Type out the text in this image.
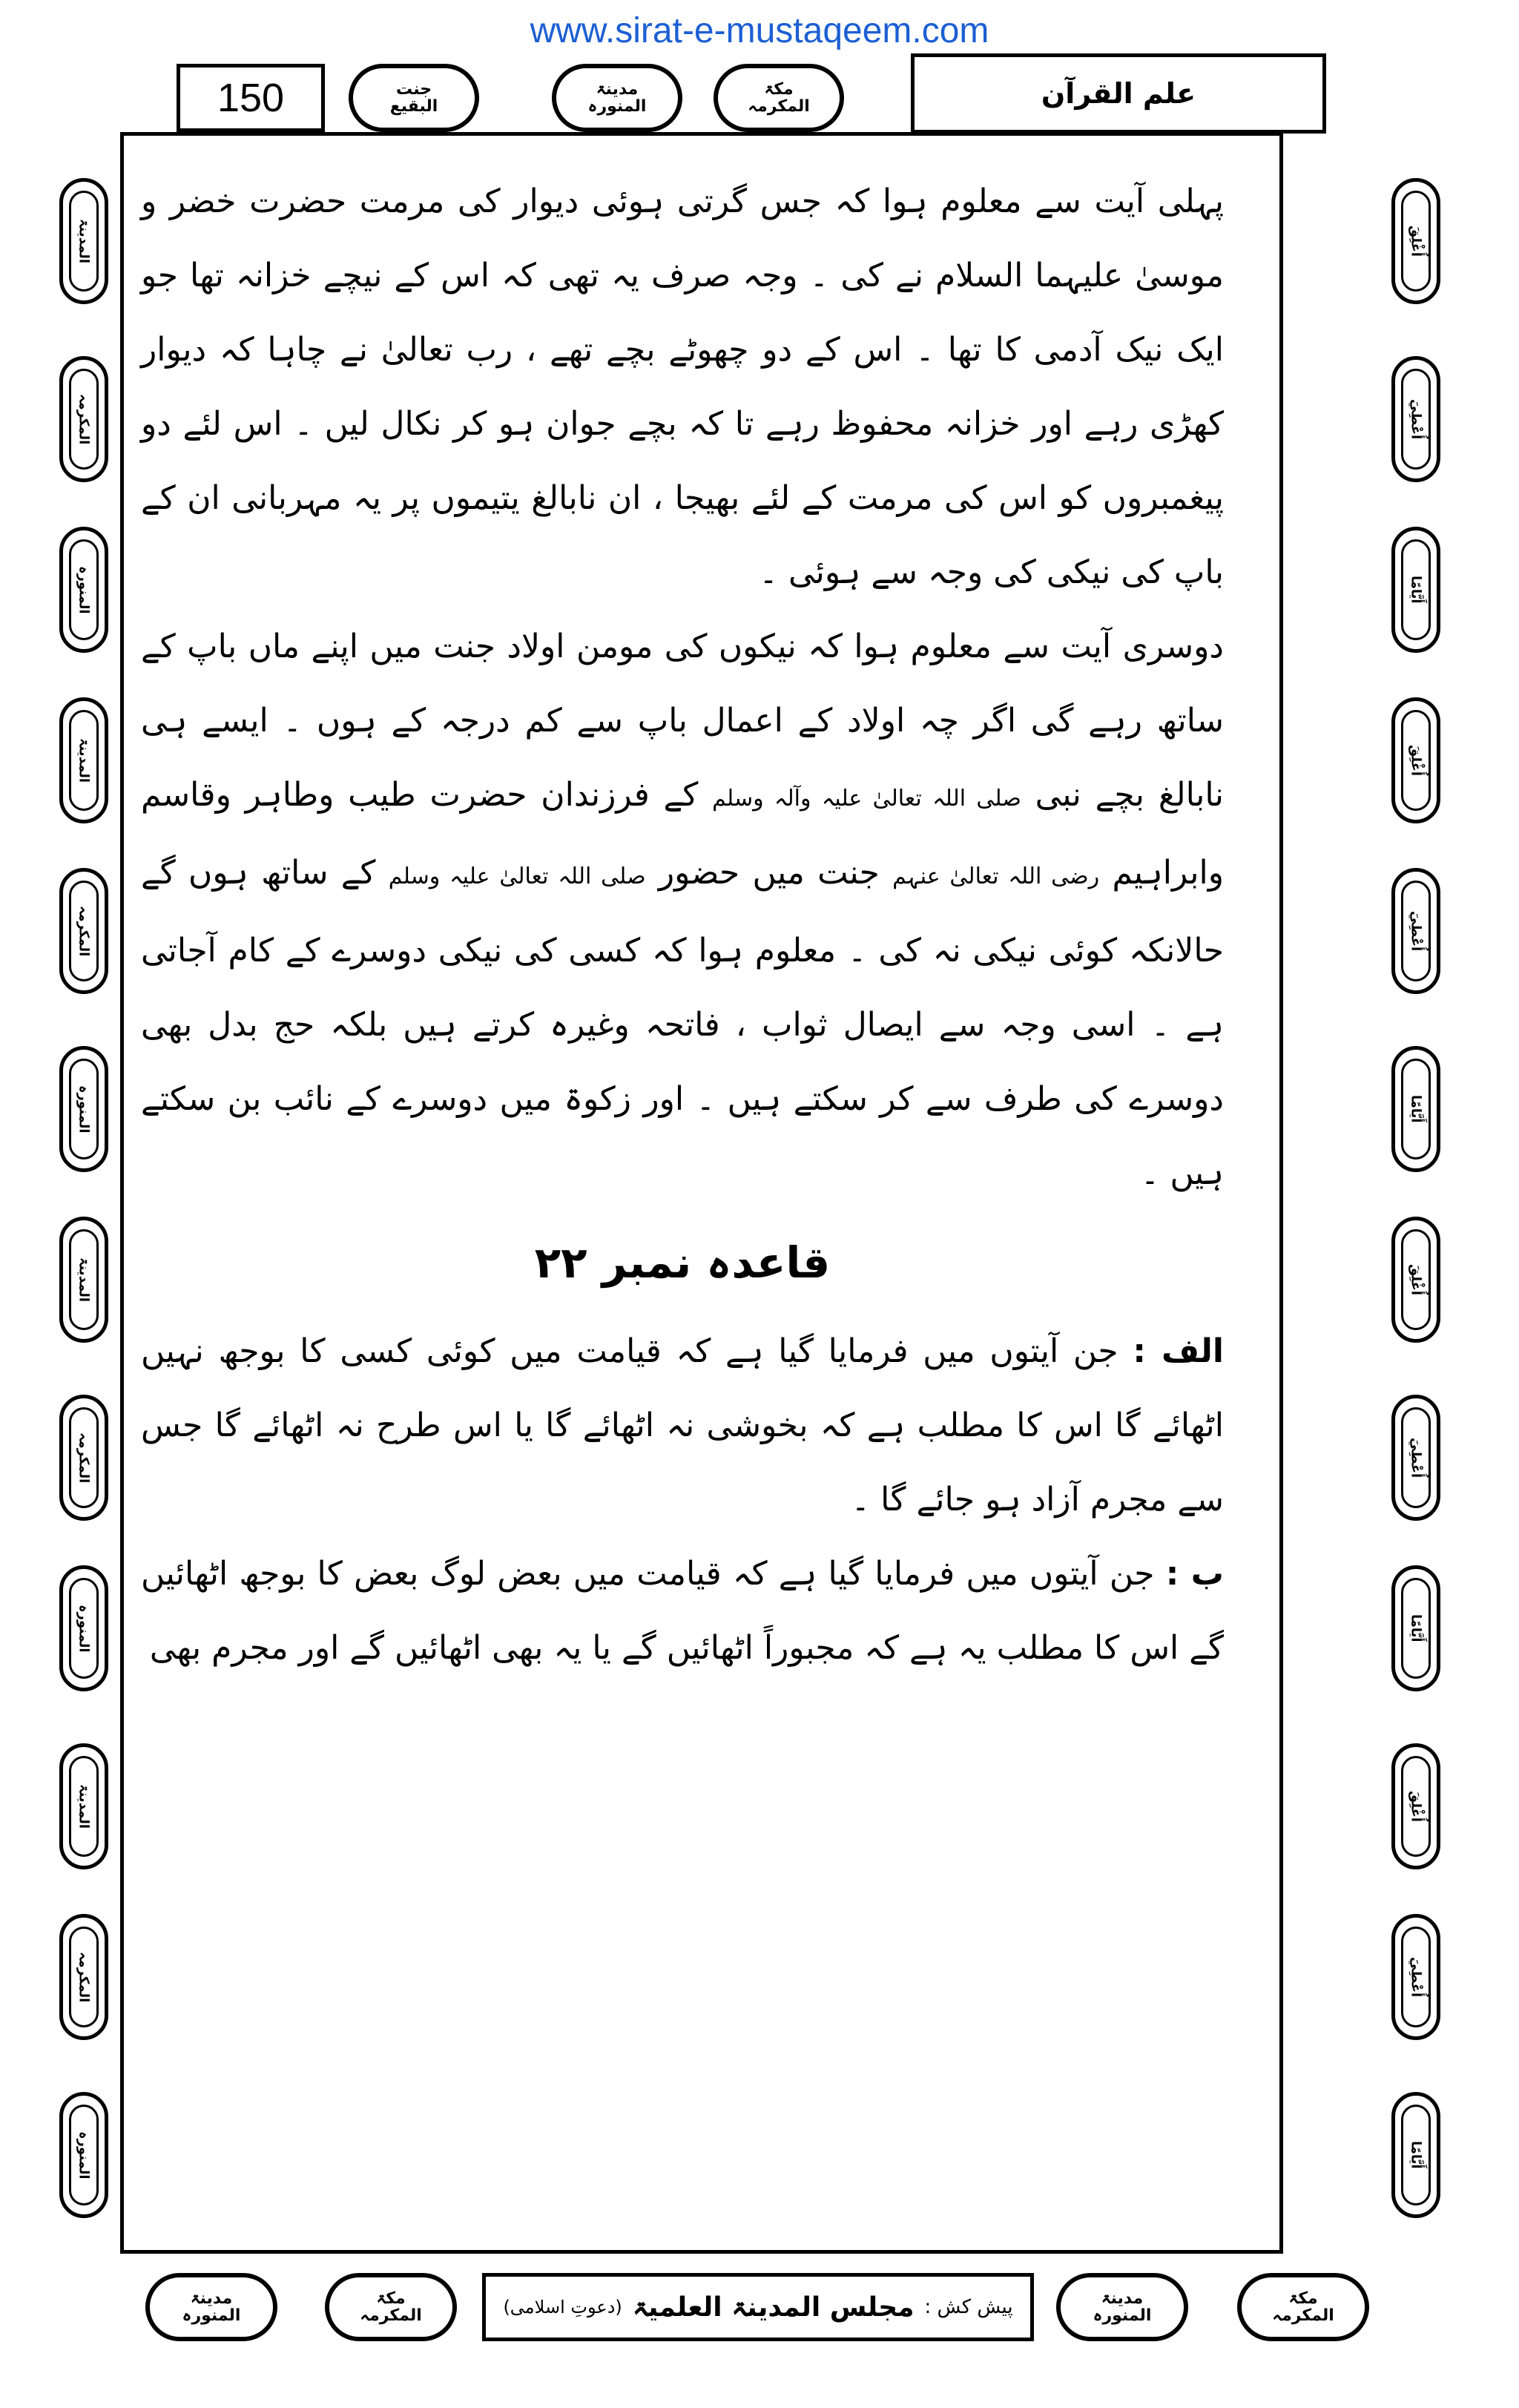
www.sirat-e-mustaqeem.com
150	جنت
البقیع
مدینۃ
المنورہ
مکۃ
المکرمہ	علم القرآن

پہلی آیت سے معلوم ہوا کہ جس گرتی ہوئی دیوار کی مرمت حضرت خضر و موسیٰ علیہما السلام نے کی ۔ وجہ صرف یہ تھی کہ اس کے نیچے خزانہ تھا جو ایک نیک آدمی کا تھا ۔ اس کے دو چھوٹے بچے تھے ، رب تعالیٰ نے چاہا کہ دیوار کھڑی رہے اور خزانہ محفوظ رہے تا کہ بچے جوان ہو کر نکال لیں ۔ اس لئے دو پیغمبروں کو اس کی مرمت کے لئے بھیجا ، ان نابالغ یتیموں پر یہ مہربانی ان کے باپ کی نیکی کی وجہ سے ہوئی ۔

دوسری آیت سے معلوم ہوا کہ نیکوں کی مومن اولاد جنت میں اپنے ماں باپ کے ساتھ رہے گی اگر چہ اولاد کے اعمال باپ سے کم درجہ کے ہوں ۔ ایسے ہی نابالغ بچے نبی صلی اللہ تعالیٰ علیہ وآلہ وسلم کے فرزندان حضرت طیب وطاہر وقاسم وابراہیم رضی اللہ تعالیٰ عنہم جنت میں حضور صلی اللہ تعالیٰ علیہ وسلم کے ساتھ ہوں گے حالانکہ کوئی نیکی نہ کی ۔ معلوم ہوا کہ کسی کی نیکی دوسرے کے کام آجاتی ہے ۔ اسی وجہ سے ایصال ثواب ، فاتحہ وغیرہ کرتے ہیں بلکہ حج بدل بھی دوسرے کی طرف سے کر سکتے ہیں ۔ اور زکوۃ میں دوسرے کے نائب بن سکتے ہیں ۔

قاعدہ نمبر ۲۲

الف : جن آیتوں میں فرمایا گیا ہے کہ قیامت میں کوئی کسی کا بوجھ نہیں اٹھائے گا اس کا مطلب ہے کہ بخوشی نہ اٹھائے گا یا اس طرح نہ اٹھائے گا جس سے مجرم آزاد ہو جائے گا ۔

ب : جن آیتوں میں فرمایا گیا ہے کہ قیامت میں بعض لوگ بعض کا بوجھ اٹھائیں گے اس کا مطلب یہ ہے کہ مجبوراً اٹھائیں گے یا یہ بھی اٹھائیں گے اور مجرم بھی

المدینۃ
المکرمہ
المنورہ
المدینۃ
المکرمہ
المنورہ
المدینۃ
المکرمہ
المنورہ
المدینۃ
المکرمہ
المنورہ
أُغْلِقَ
أُعْطِيَ
أَيَّامًا
أُغْلِقَ
أُعْطِيَ
أَيَّامًا
أُغْلِقَ
أُعْطِيَ
أَيَّامًا
أُغْلِقَ
أُعْطِيَ
أَيَّامًا
مدینۃ
المنورہ
مکۃ
المکرمہ	پیش کش :
مجلس المدینۃ العلمیۃ
(دعوتِ اسلامی)	مدینۃ
المنورہ
مکۃ
المکرمہ
